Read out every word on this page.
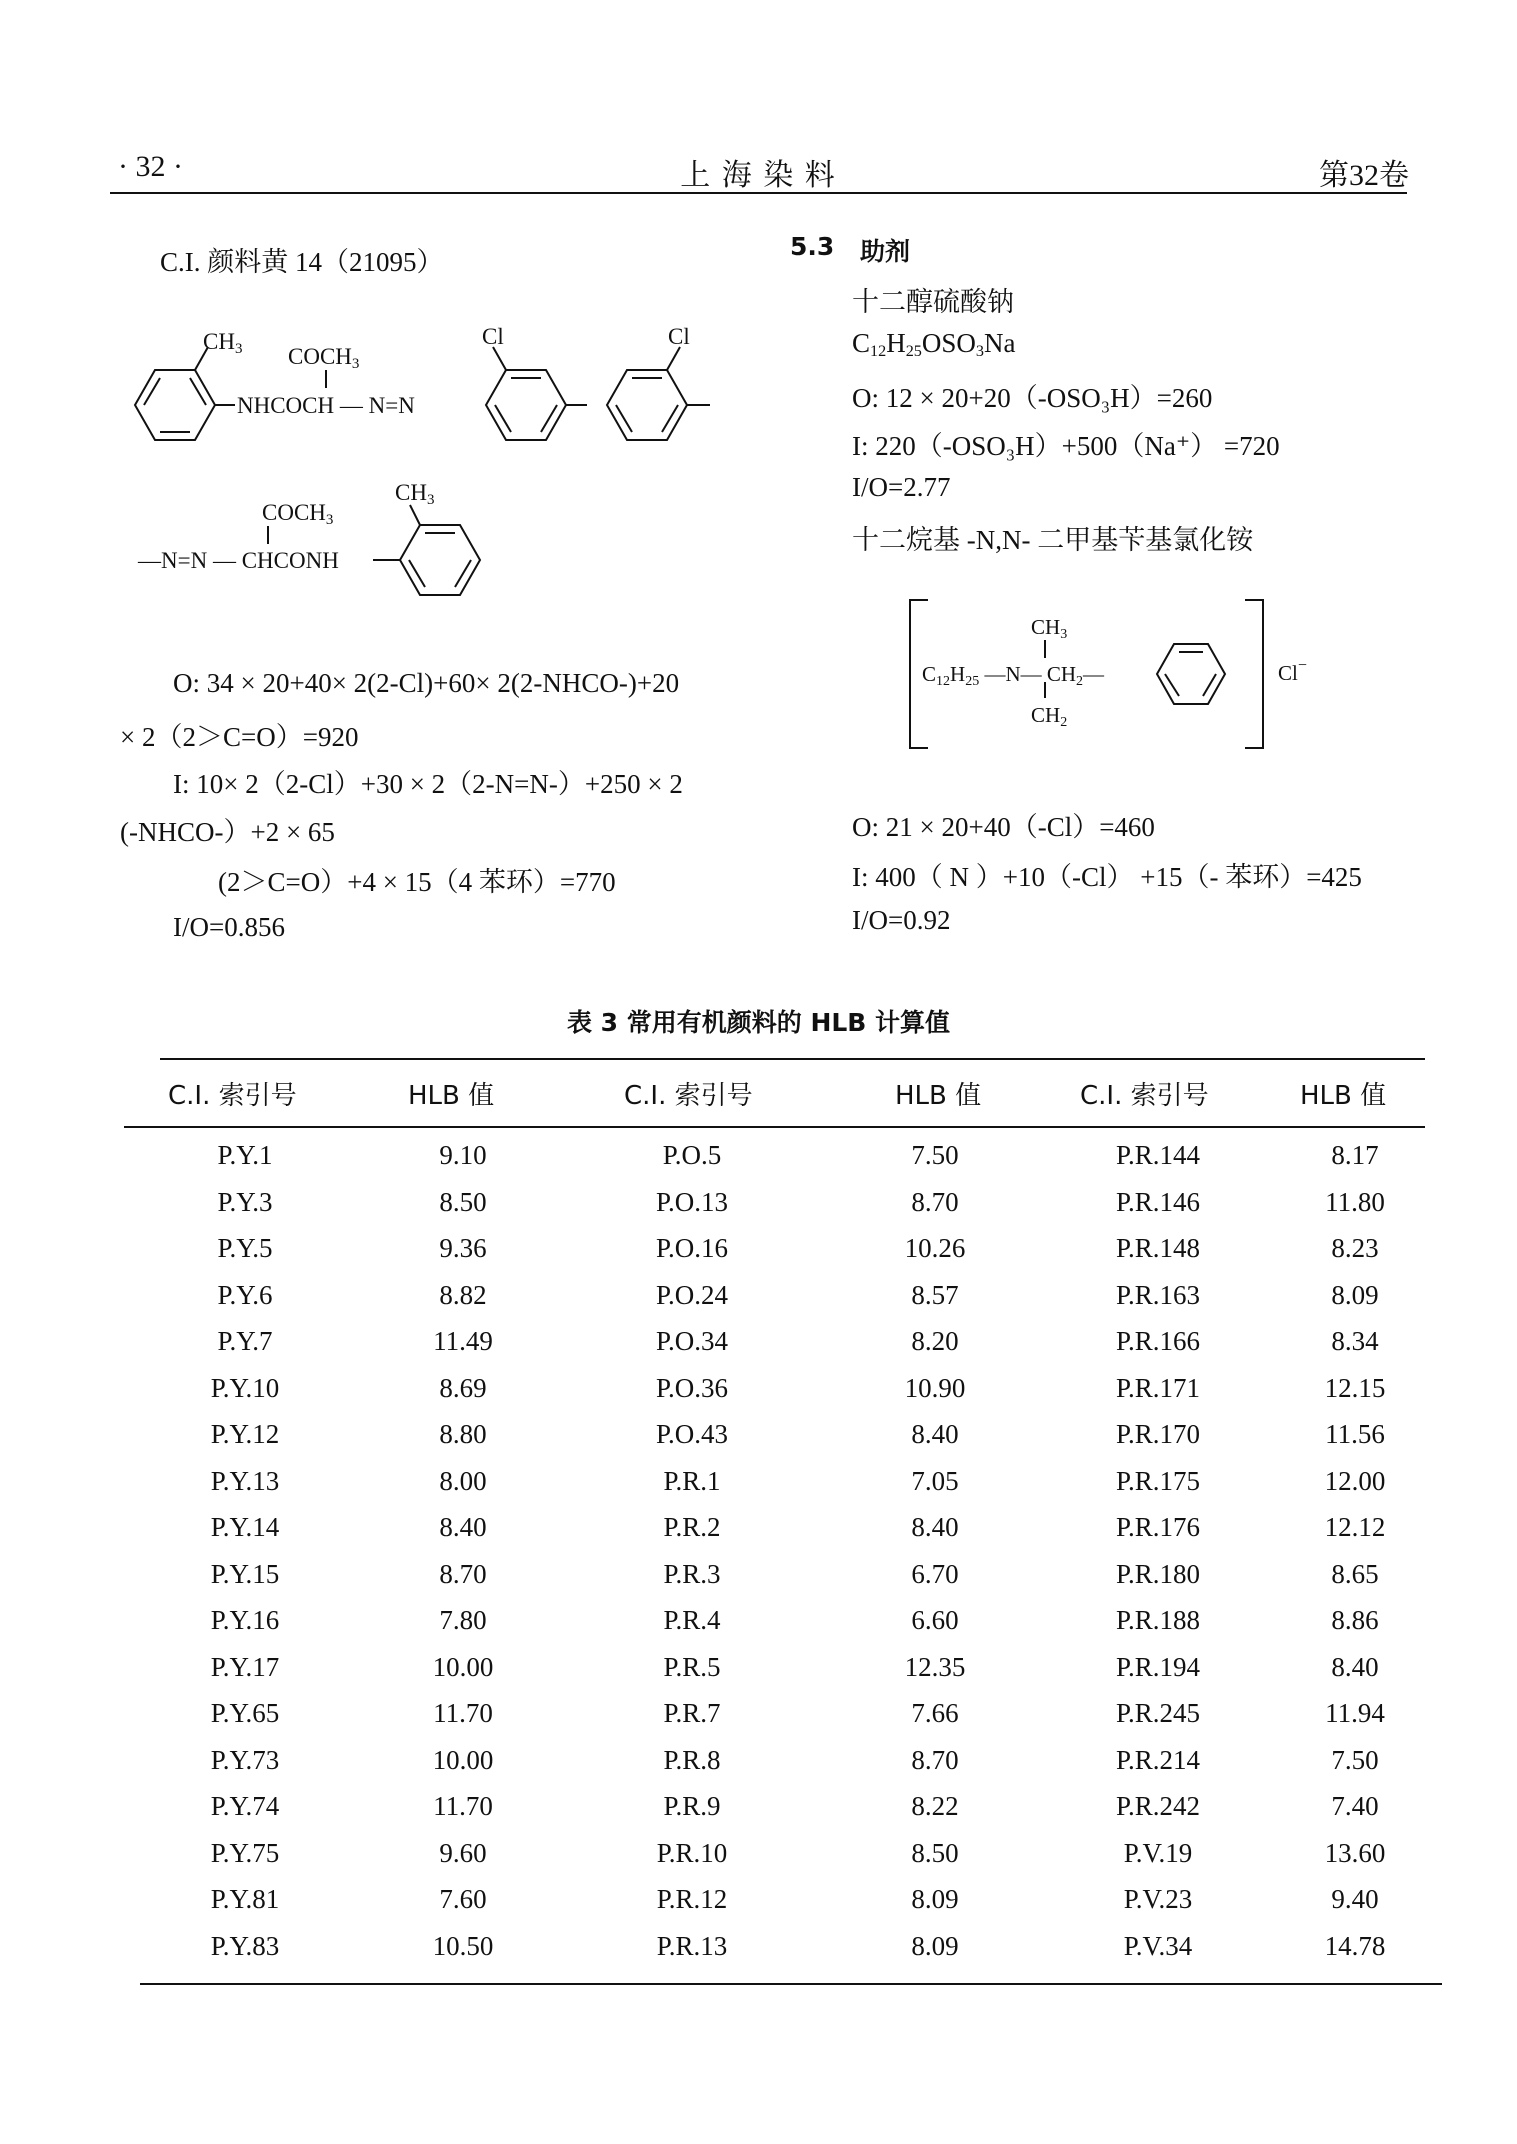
· 32 ·	上 海 染 料	第32卷
C.I. 颜料黄 14（21095）
CH3 COCH3
NHCOCH — N=N
Cl	Cl
COCH3
CH3
—N=N — CHCONH
O: 34 × 20+40× 2(2-Cl)+60× 2(2-NHCO-)+20
× 2（2＞C=O）=920
I: 10× 2（2-Cl）+30 × 2（2-N=N-）+250 × 2
(-NHCO-）+2 × 65
(2＞C=O）+4 × 15（4 苯环）=770
I/O=0.856
5.3 助剂
十二醇硫酸钠
$C_{12}H_{25}OSO_3Na$
O: 12 × 20+20（-OSO₃H）=260
I: 220（-OSO₃H）+500（Na⁺） =720
I/O=2.77
十二烷基 -N,N- 二甲基苄基氯化铵
CH3
C12H25 —N— CH2—
CH2
Cl−
O: 21 × 20+40（-Cl）=460
I: 400（ N ）+10（-Cl） +15（- 苯环）=425
I/O=0.92
表 3 常用有机颜料的 HLB 计算值
C.I. 索引号	HLB 值	C.I. 索引号	HLB 值	C.I. 索引号	HLB 值
P.Y.1	9.10	P.O.5	7.50	P.R.144	8.17
P.Y.3	8.50	P.O.13	8.70	P.R.146	11.80
P.Y.5	9.36	P.O.16	10.26	P.R.148	8.23
P.Y.6	8.82	P.O.24	8.57	P.R.163	8.09
P.Y.7	11.49	P.O.34	8.20	P.R.166	8.34
P.Y.10	8.69	P.O.36	10.90	P.R.171	12.15
P.Y.12	8.80	P.O.43	8.40	P.R.170	11.56
P.Y.13	8.00	P.R.1	7.05	P.R.175	12.00
P.Y.14	8.40	P.R.2	8.40	P.R.176	12.12
P.Y.15	8.70	P.R.3	6.70	P.R.180	8.65
P.Y.16	7.80	P.R.4	6.60	P.R.188	8.86
P.Y.17	10.00	P.R.5	12.35	P.R.194	8.40
P.Y.65	11.70	P.R.7	7.66	P.R.245	11.94
P.Y.73	10.00	P.R.8	8.70	P.R.214	7.50
P.Y.74	11.70	P.R.9	8.22	P.R.242	7.40
P.Y.75	9.60	P.R.10	8.50	P.V.19	13.60
P.Y.81	7.60	P.R.12	8.09	P.V.23	9.40
P.Y.83	10.50	P.R.13	8.09	P.V.34	14.78
